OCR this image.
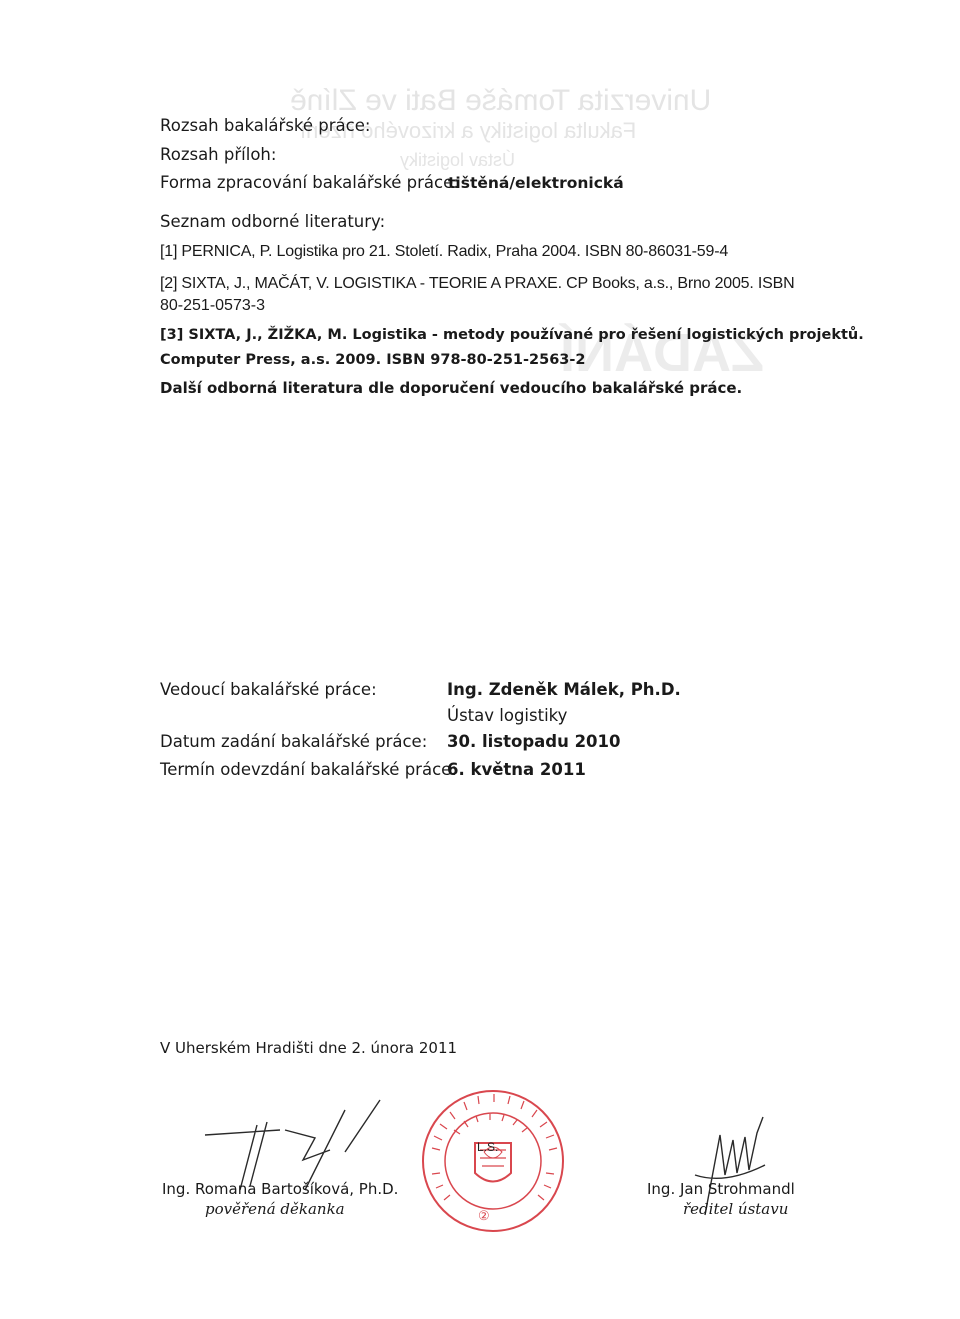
Univerzita Tomáše Bati ve Zlíně
Fakulta logistiky a krizového řízení
Ústav logistiky
ZADÁNÍ
Rozsah bakalářské práce:
Rozsah příloh:
Forma zpracování bakalářské práce:
tištěná/elektronická
Seznam odborné literatury:
[1] PERNICA, P. Logistika pro 21. Století. Radix, Praha 2004. ISBN 80-86031-59-4
[2] SIXTA, J., MAČÁT, V. LOGISTIKA - TEORIE A PRAXE. CP Books, a.s., Brno 2005. ISBN
80-251-0573-3
[3] SIXTA, J., ŽIŽKA, M. Logistika - metody používané pro řešení logistických projektů.
Computer Press, a.s. 2009. ISBN 978-80-251-2563-2
Další odborná literatura dle doporučení vedoucího bakalářské práce.
Vedoucí bakalářské práce:	Ing. Zdeněk Málek, Ph.D.
Ústav logistiky
Datum zadání bakalářské práce: 30. listopadu 2010
Termín odevzdání bakalářské práce:
6. května 2011
V Uherském Hradišti dne 2. února 2011
Ing. Romana Bartošíková, Ph.D.
pověřená děkanka
L.S.
②
Ing. Jan Strohmandl
ředitel ústavu
